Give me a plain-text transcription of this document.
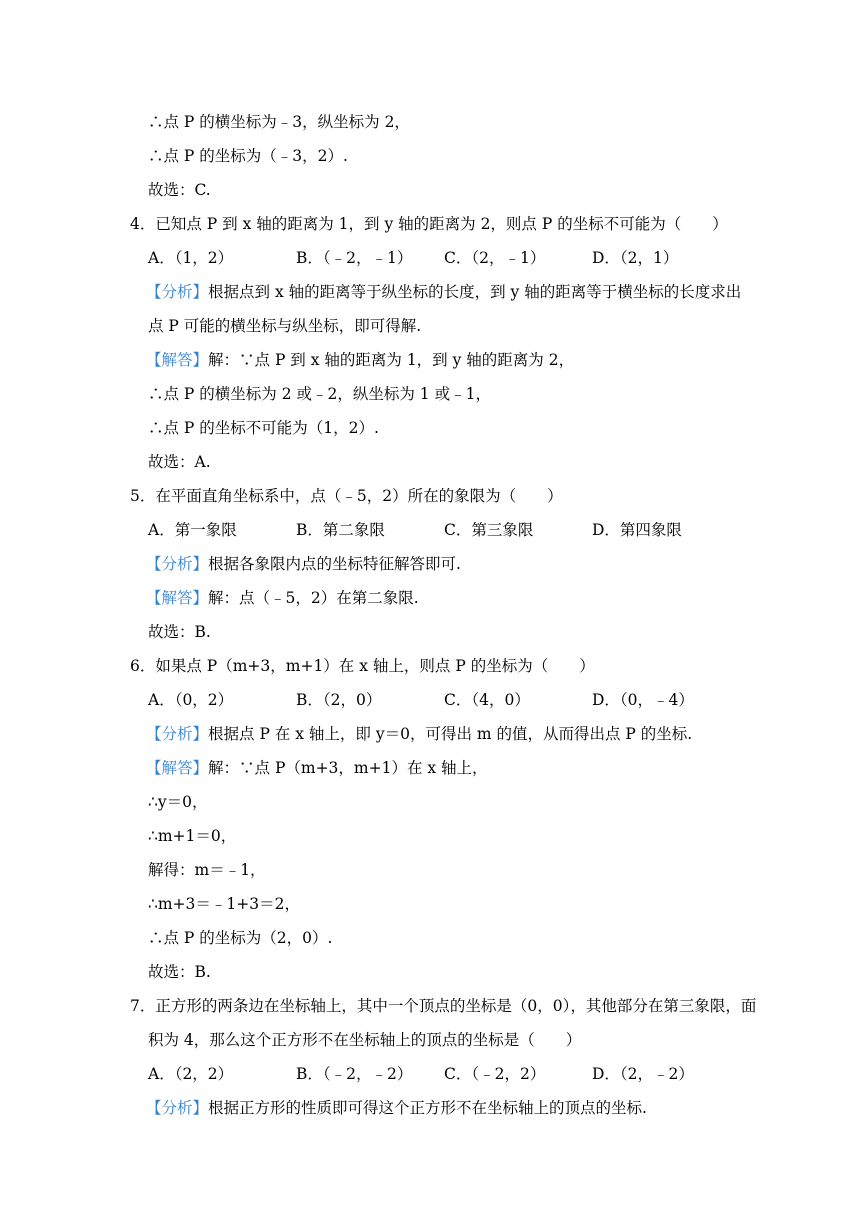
∴点 P 的横坐标为﹣3，纵坐标为 2，
∴点 P 的坐标为（﹣3，2）.
故选：C.
4．已知点 P 到 x 轴的距离为 1，到 y 轴的距离为 2，则点 P 的坐标不可能为（　　）
A．（1，2）	B．（﹣2，﹣1） C．（2，﹣1）	D．（2，1）
【分析】根据点到 x 轴的距离等于纵坐标的长度，到 y 轴的距离等于横坐标的长度求出
点 P 可能的横坐标与纵坐标，即可得解.
【解答】解：∵点 P 到 x 轴的距离为 1，到 y 轴的距离为 2，
∴点 P 的横坐标为 2 或﹣2，纵坐标为 1 或﹣1，
∴点 P 的坐标不可能为（1，2）.
故选：A.
5．在平面直角坐标系中，点（﹣5，2）所在的象限为（　　）
A．第一象限	B．第二象限	C．第三象限	D．第四象限
【分析】根据各象限内点的坐标特征解答即可.
【解答】解：点（﹣5，2）在第二象限.
故选：B.
6．如果点 P（m+3，m+1）在 x 轴上，则点 P 的坐标为（　　）
A．（0，2）	B．（2，0）	C．（4，0）	D．（0，﹣4）
【分析】根据点 P 在 x 轴上，即 y＝0，可得出 m 的值，从而得出点 P 的坐标.
【解答】解：∵点 P（m+3，m+1）在 x 轴上，
∴y＝0，
∴m+1＝0，
解得：m＝﹣1，
∴m+3＝﹣1+3＝2，
∴点 P 的坐标为（2，0）.
故选：B.
7．正方形的两条边在坐标轴上，其中一个顶点的坐标是（0，0），其他部分在第三象限，面
积为 4，那么这个正方形不在坐标轴上的顶点的坐标是（　　）
A．（2，2）	B．（﹣2，﹣2） C．（﹣2，2）	D．（2，﹣2）
【分析】根据正方形的性质即可得这个正方形不在坐标轴上的顶点的坐标.
